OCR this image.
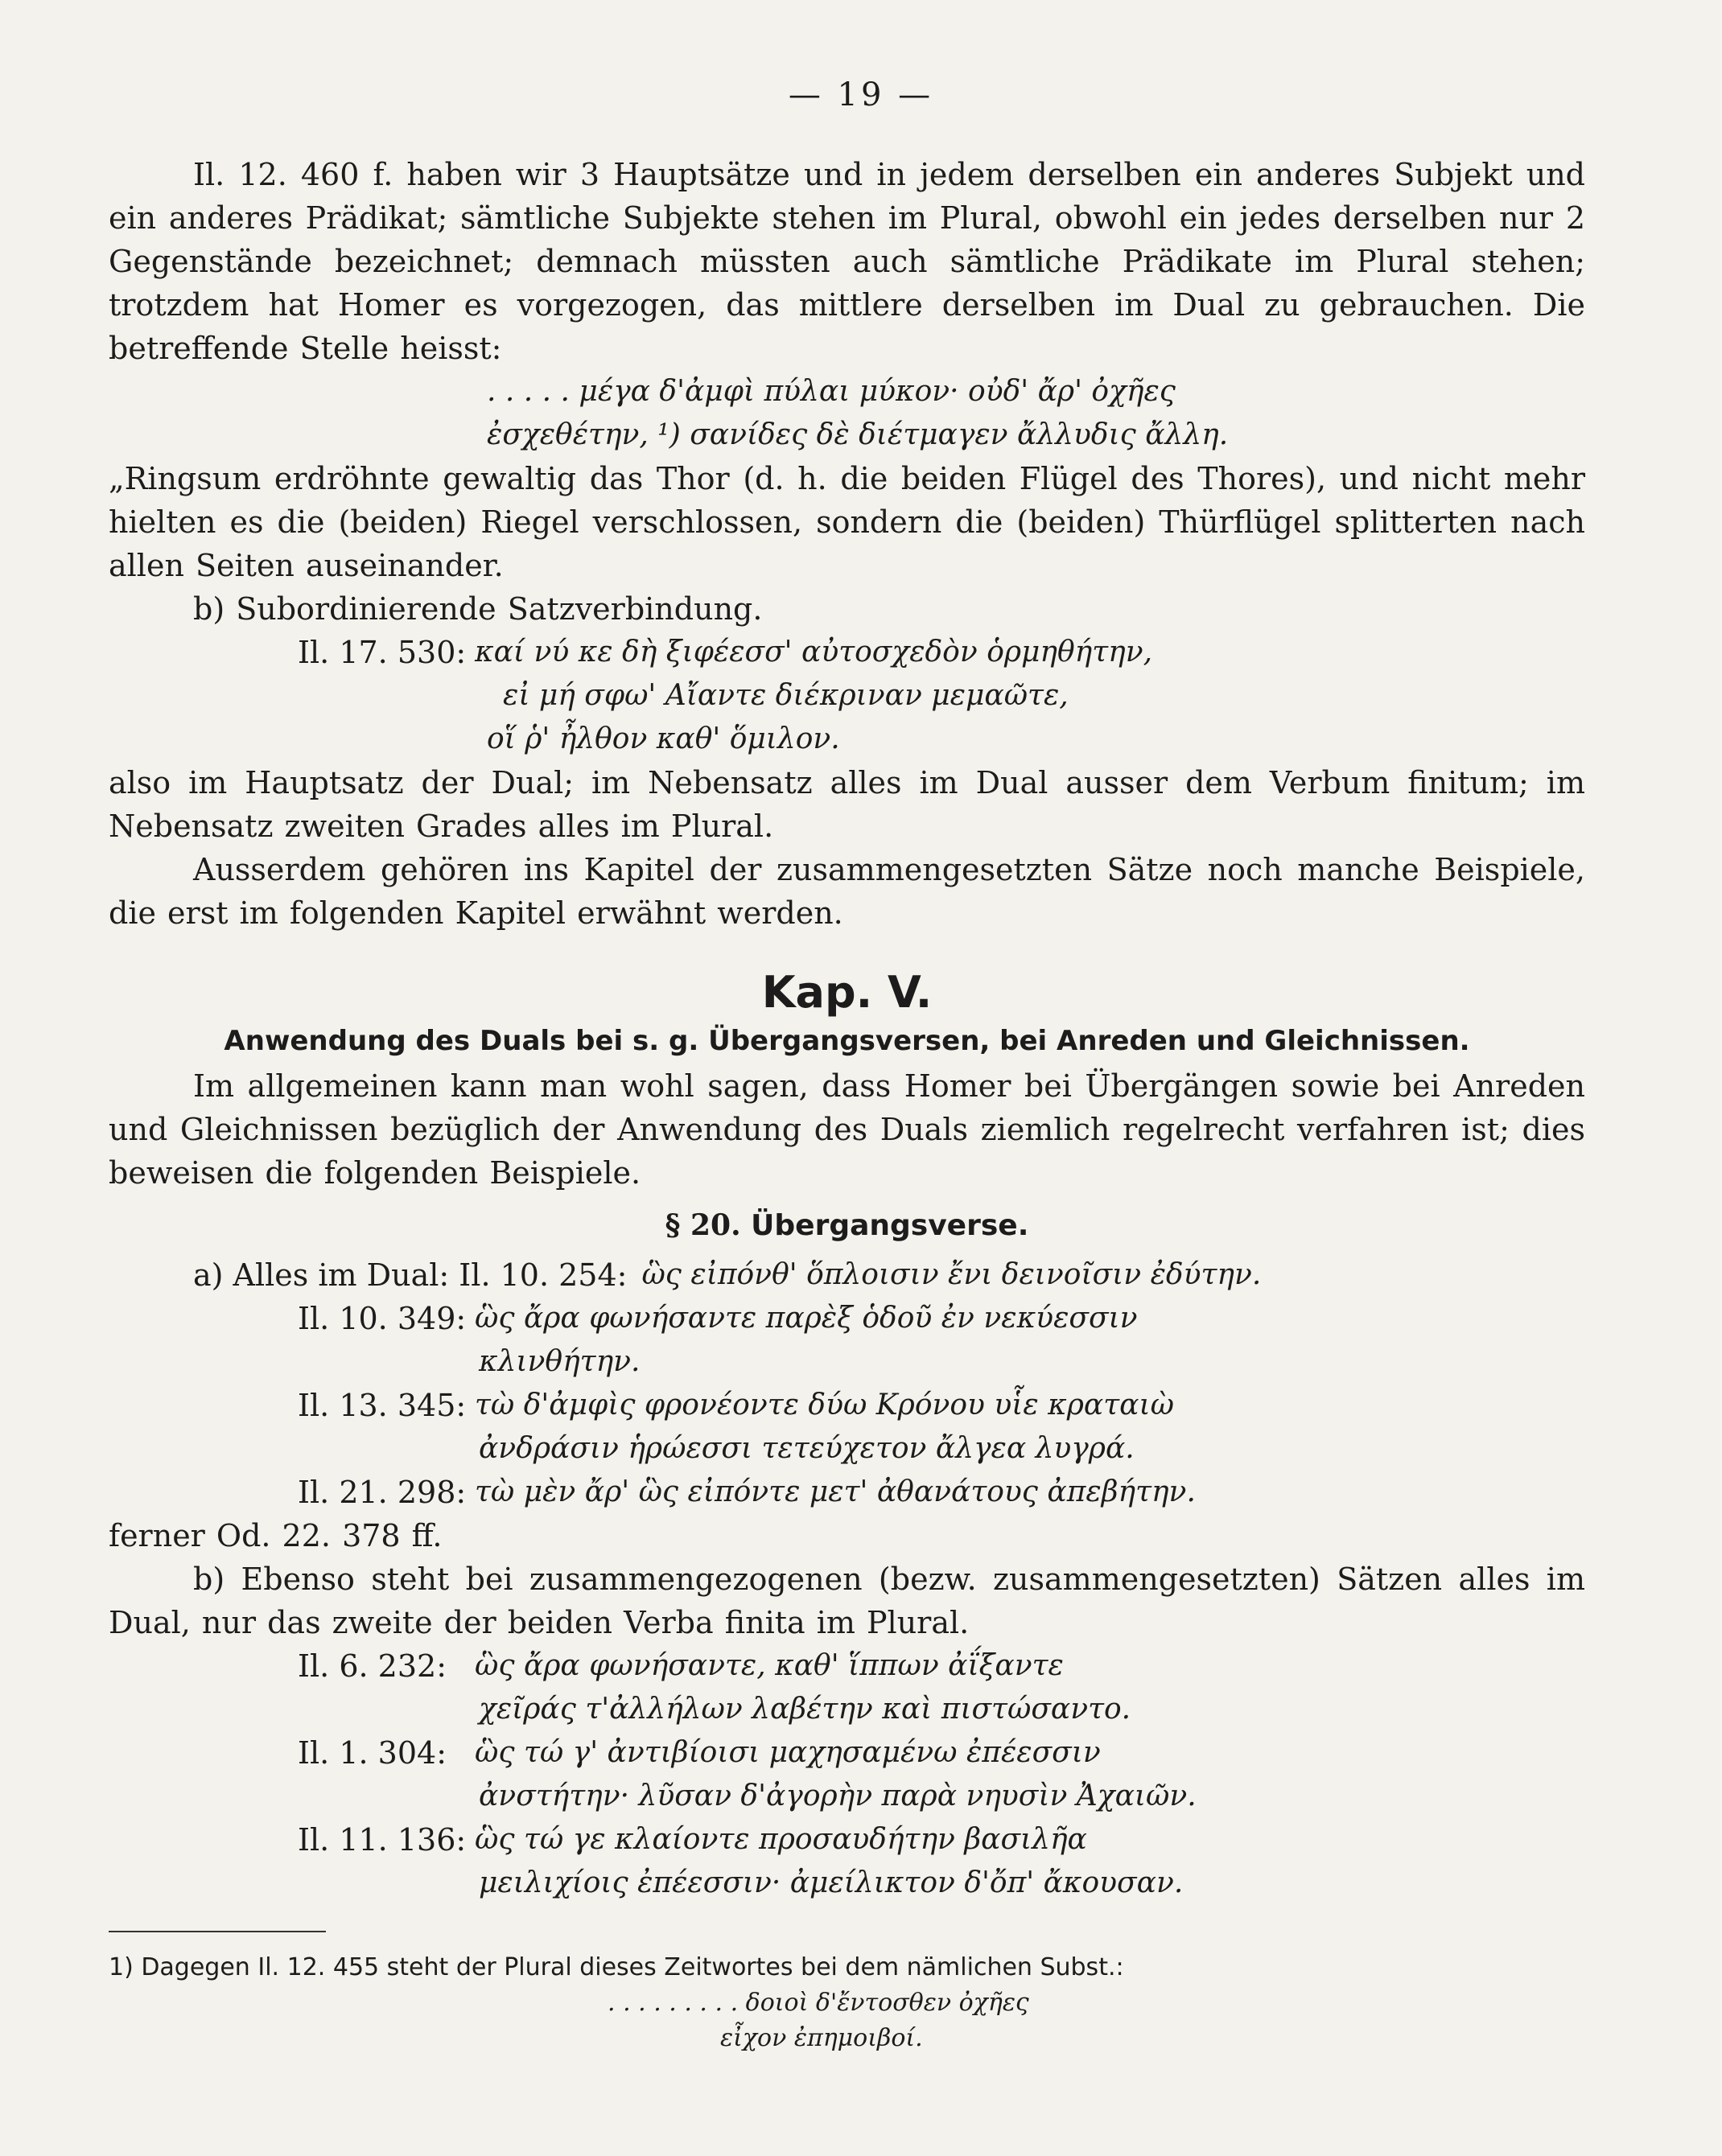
— 19 —

Il. 12. 460 f. haben wir 3 Hauptsätze und in jedem derselben ein anderes Subjekt und ein anderes Prädikat; sämtliche Subjekte stehen im Plural, obwohl ein jedes derselben nur 2 Gegenstände bezeichnet; demnach müssten auch sämtliche Prädikate im Plural stehen; trotzdem hat Homer es vorgezogen, das mittlere derselben im Dual zu gebrauchen. Die betreffende Stelle heisst:

. . . . . μέγα δ'ἀμφὶ πύλαι μύκον· οὐδ' ἄρ' ὀχῆες

ἐσχεθέτην, ¹) σανίδες δὲ διέτμαγεν ἄλλυδις ἄλλη.

„Ringsum erdröhnte gewaltig das Thor (d. h. die beiden Flügel des Thores), und nicht mehr hielten es die (beiden) Riegel verschlossen, sondern die (beiden) Thürflügel splitterten nach allen Seiten auseinander.

b) Subordinierende Satzverbindung.

Il. 17. 530: καί νύ κε δὴ ξιφέεσσ' αὐτοσχεδὸν ὁρμηθήτην,
εἰ μή σφω' Αἴαντε διέκριναν μεμαῶτε,
οἵ ῥ' ἦλθον καθ' ὅμιλον.

also im Hauptsatz der Dual; im Nebensatz alles im Dual ausser dem Verbum finitum; im Nebensatz zweiten Grades alles im Plural.

Ausserdem gehören ins Kapitel der zusammengesetzten Sätze noch manche Beispiele, die erst im folgenden Kapitel erwähnt werden.

Kap. V.
Anwendung des Duals bei s. g. Übergangsversen, bei Anreden und Gleichnissen.

Im allgemeinen kann man wohl sagen, dass Homer bei Übergängen sowie bei Anreden und Gleichnissen bezüglich der Anwendung des Duals ziemlich regelrecht verfahren ist; dies beweisen die folgenden Beispiele.

§ 20. Übergangsverse.
a) Alles im Dual: Il. 10. 254: ὣς εἰπόνθ' ὅπλοισιν ἔνι δεινοῖσιν ἐδύτην.
Il. 10. 349: ὣς ἄρα φωνήσαντε παρὲξ ὁδοῦ ἐν νεκύεσσιν
κλινθήτην.
Il. 13. 345: τὼ δ'ἀμφὶς φρονέοντε δύω Κρόνου υἷε κραταιὼ
ἀνδράσιν ἡρώεσσι τετεύχετον ἄλγεα λυγρά.
Il. 21. 298: τὼ μὲν ἄρ' ὣς εἰπόντε μετ' ἀθανάτους ἀπεβήτην.

ferner Od. 22. 378 ff.

b) Ebenso steht bei zusammengezogenen (bezw. zusammengesetzten) Sätzen alles im Dual, nur das zweite der beiden Verba finita im Plural.

Il. 6. 232: ὣς ἄρα φωνήσαντε, καθ' ἵππων ἀΐξαντε
χεῖράς τ'ἀλλήλων λαβέτην καὶ πιστώσαντο.
Il. 1. 304: ὣς τώ γ' ἀντιβίοισι μαχησαμένω ἐπέεσσιν
ἀνστήτην· λῦσαν δ'ἀγορὴν παρὰ νηυσὶν Ἀχαιῶν.
Il. 11. 136: ὣς τώ γε κλαίοντε προσαυδήτην βασιλῆα
μειλιχίοις ἐπέεσσιν· ἀμείλικτον δ'ὄπ' ἄκουσαν.

1) Dagegen Il. 12. 455 steht der Plural dieses Zeitwortes bei dem nämlichen Subst.:

. . . . . . . . . δοιοὶ δ'ἔντοσθεν ὀχῆες

εἶχον ἐπημοιβοί.
